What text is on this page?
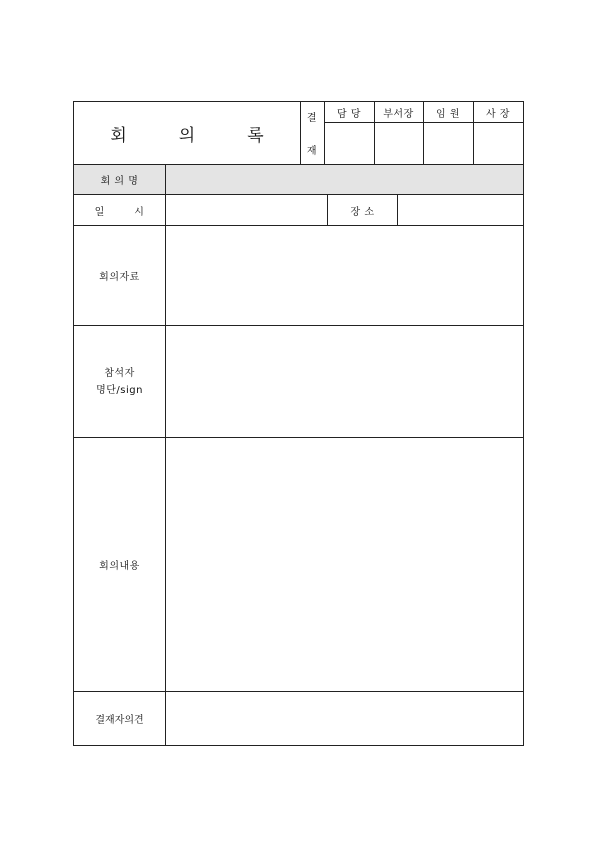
회	의	록
결
재
담 당	부서장	임 원	사 장
회 의 명
일        시	장 소
회의자료
참석자
명단/sign
회의내용
결재자의견
